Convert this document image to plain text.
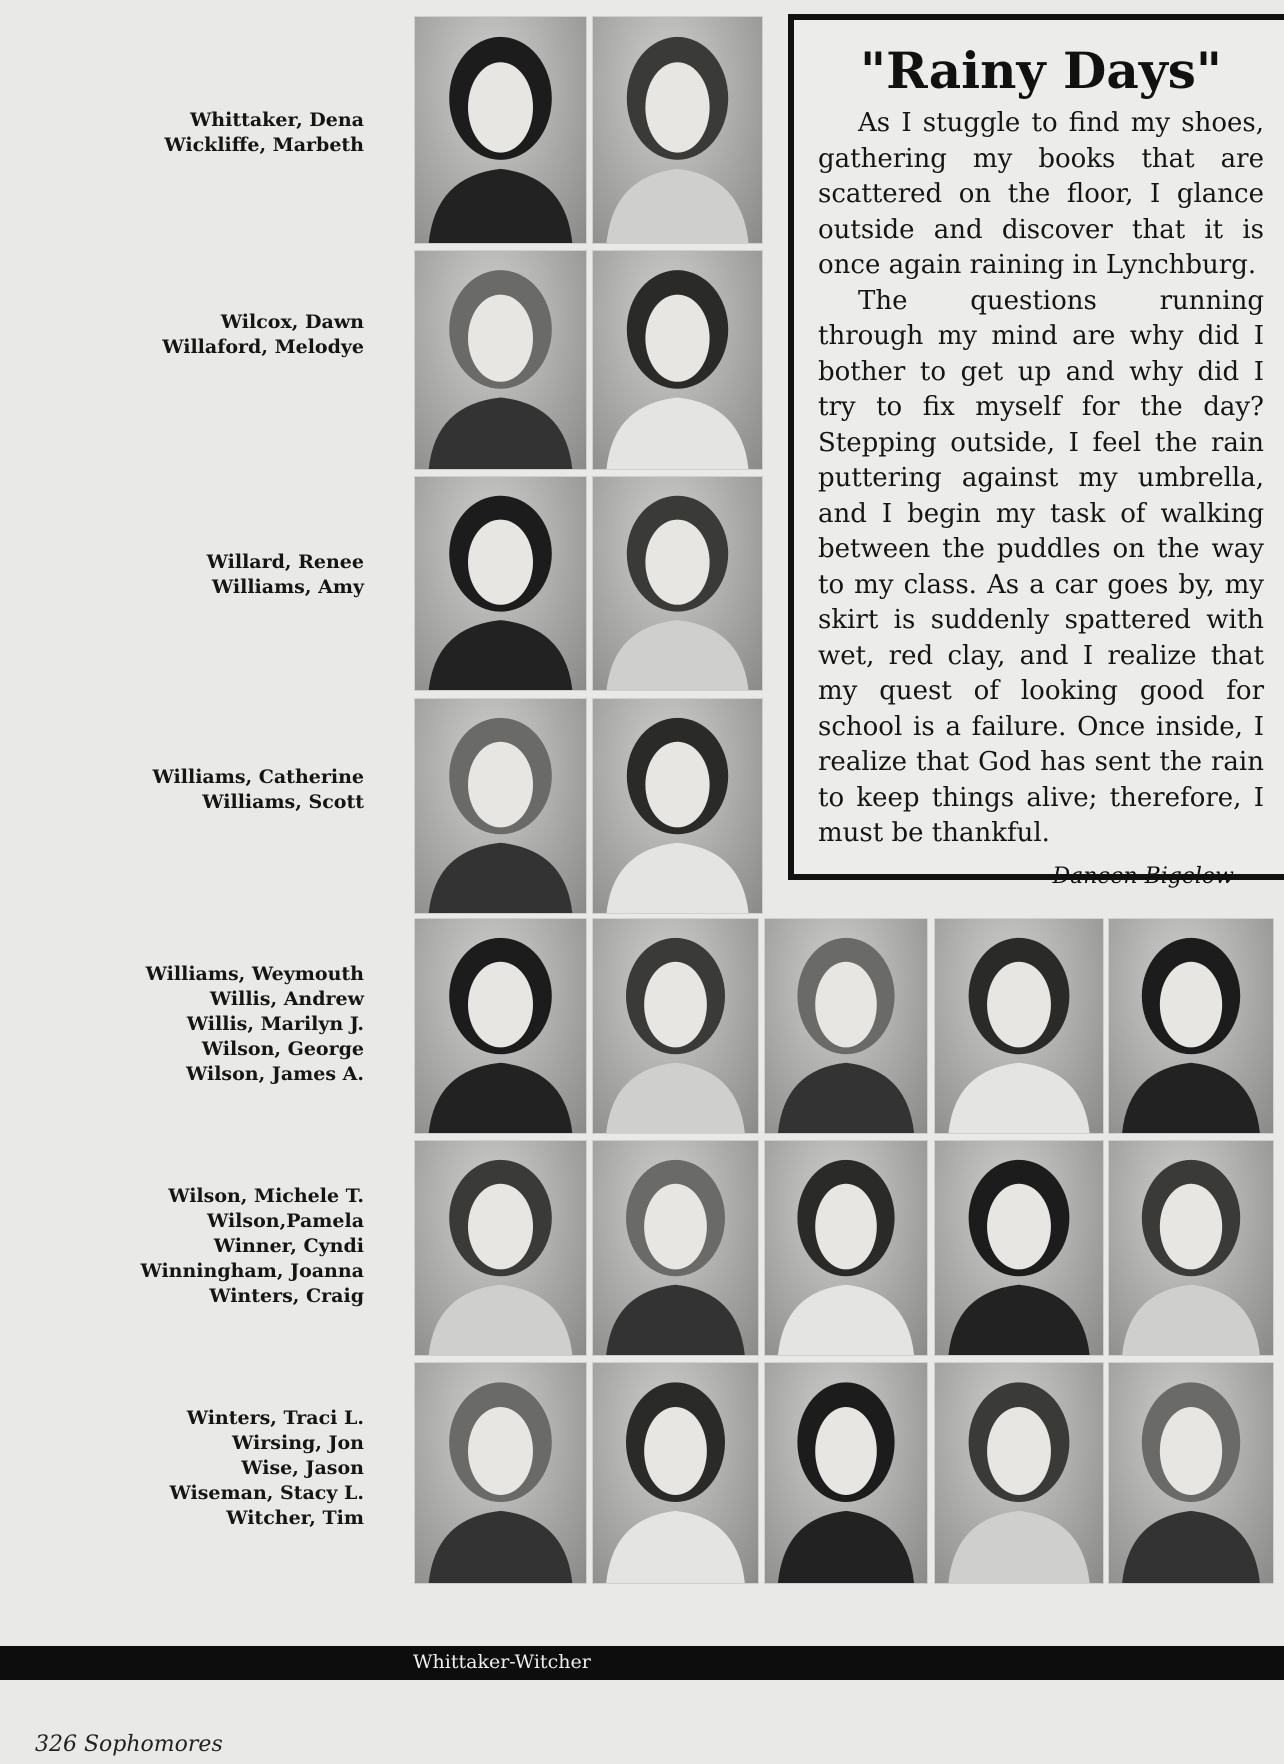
Whittaker, Dena
Wickliffe, Marbeth
Wilcox, Dawn
Willaford, Melodye
Willard, Renee
Williams, Amy
Williams, Catherine
Williams, Scott
Williams, Weymouth
Willis, Andrew
Willis, Marilyn J.
Wilson, George
Wilson, James A.
Wilson, Michele T.
Wilson,Pamela
Winner, Cyndi
Winningham, Joanna
Winters, Craig
Winters, Traci L.
Wirsing, Jon
Wise, Jason
Wiseman, Stacy L.
Witcher, Tim
"Rainy Days"

As I stuggle to find my shoes, gathering my books that are scattered on the floor, I glance outside and discover that it is once again raining in Lynchburg.

The questions running through my mind are why did I bother to get up and why did I try to fix myself for the day? Stepping outside, I feel the rain puttering against my umbrella, and I begin my task of walking between the puddles on the way to my class. As a car goes by, my skirt is suddenly spattered with wet, red clay, and I realize that my quest of looking good for school is a failure. Once inside, I realize that God has sent the rain to keep things alive; therefore, I must be thankful.

Daneen Bigelow
Whittaker-Witcher
326 Sophomores
